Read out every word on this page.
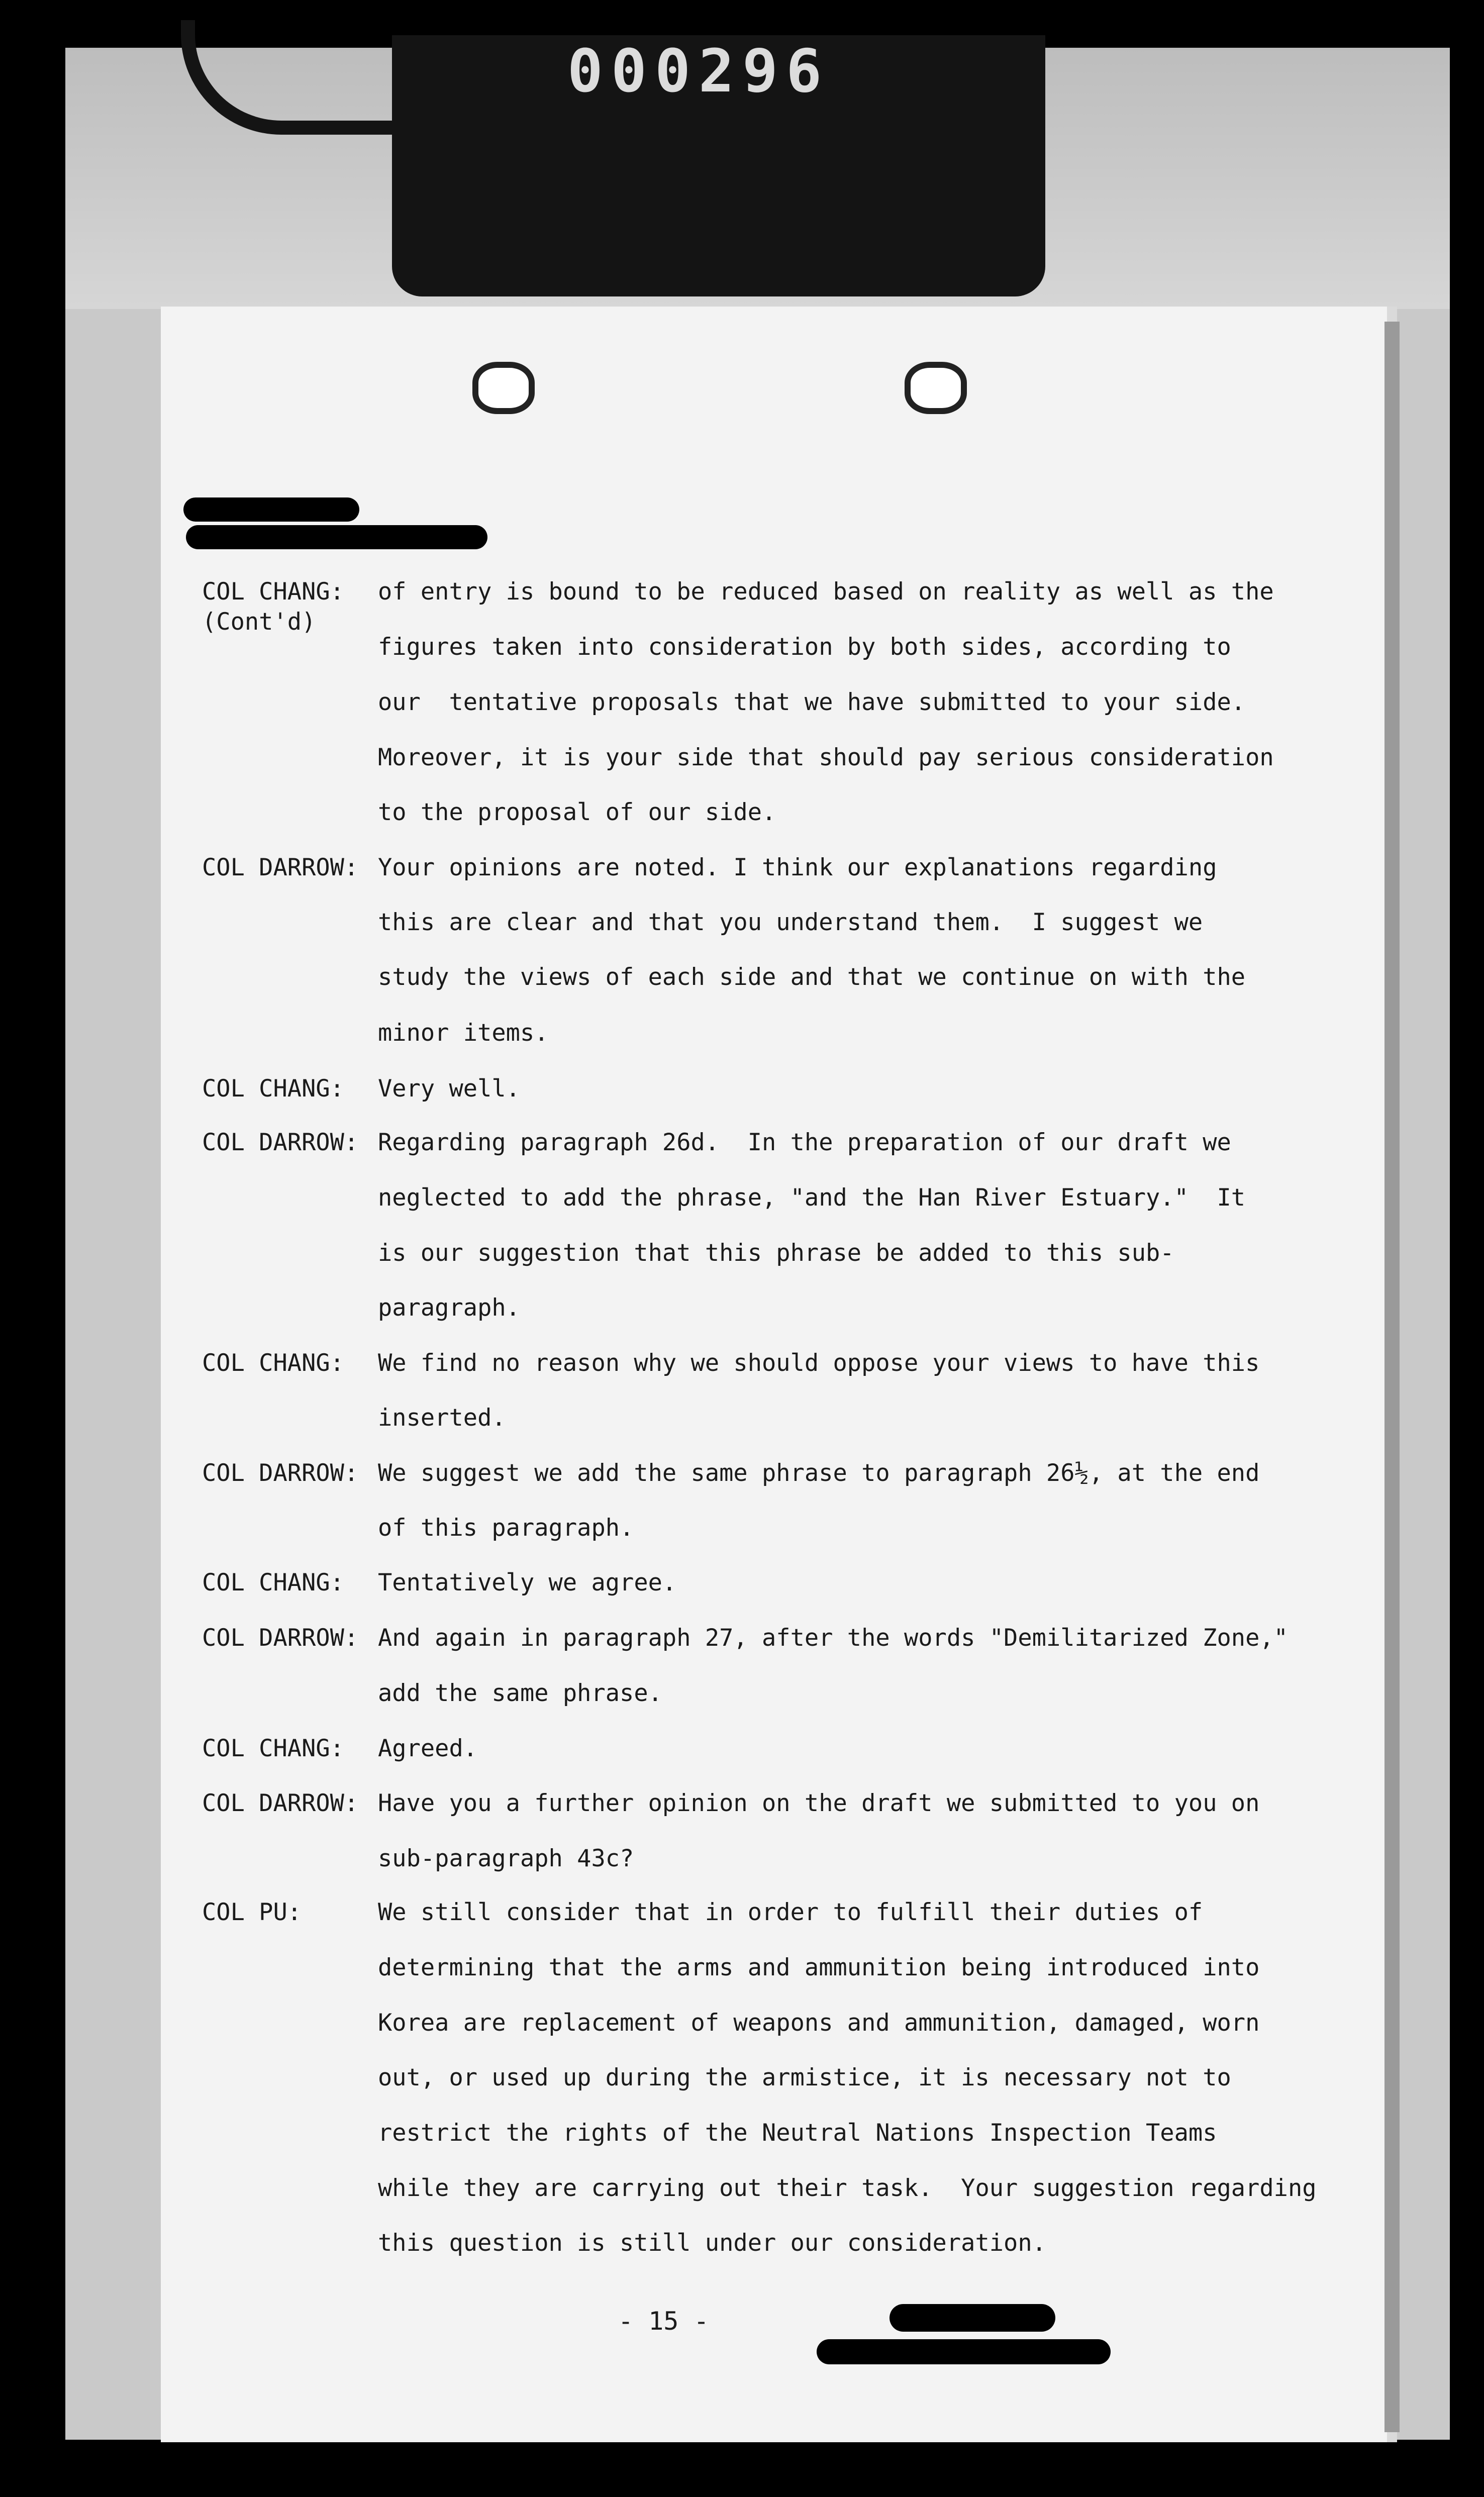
000296
COL CHANG:
(Cont'd)
of entry is bound to be reduced based on reality as well as the
figures taken into consideration by both sides, according to
our  tentative proposals that we have submitted to your side.
Moreover, it is your side that should pay serious consideration
to the proposal of our side.
COL DARROW: Your opinions are noted. I think our explanations regarding
this are clear and that you understand them.  I suggest we
study the views of each side and that we continue on with the
minor items.
COL CHANG: Very well.
COL DARROW: Regarding paragraph 26d.  In the preparation of our draft we
neglected to add the phrase, "and the Han River Estuary."  It
is our suggestion that this phrase be added to this sub-
paragraph.
COL CHANG: We find no reason why we should oppose your views to have this
inserted.
COL DARROW: We suggest we add the same phrase to paragraph 26½, at the end
of this paragraph.
COL CHANG: Tentatively we agree.
COL DARROW: And again in paragraph 27, after the words "Demilitarized Zone,"
add the same phrase.
COL CHANG: Agreed.
COL DARROW: Have you a further opinion on the draft we submitted to you on
sub-paragraph 43c?
COL PU:	We still consider that in order to fulfill their duties of
determining that the arms and ammunition being introduced into
Korea are replacement of weapons and ammunition, damaged, worn
out, or used up during the armistice, it is necessary not to
restrict the rights of the Neutral Nations Inspection Teams
while they are carrying out their task.  Your suggestion regarding
this question is still under our consideration.
- 15 -
